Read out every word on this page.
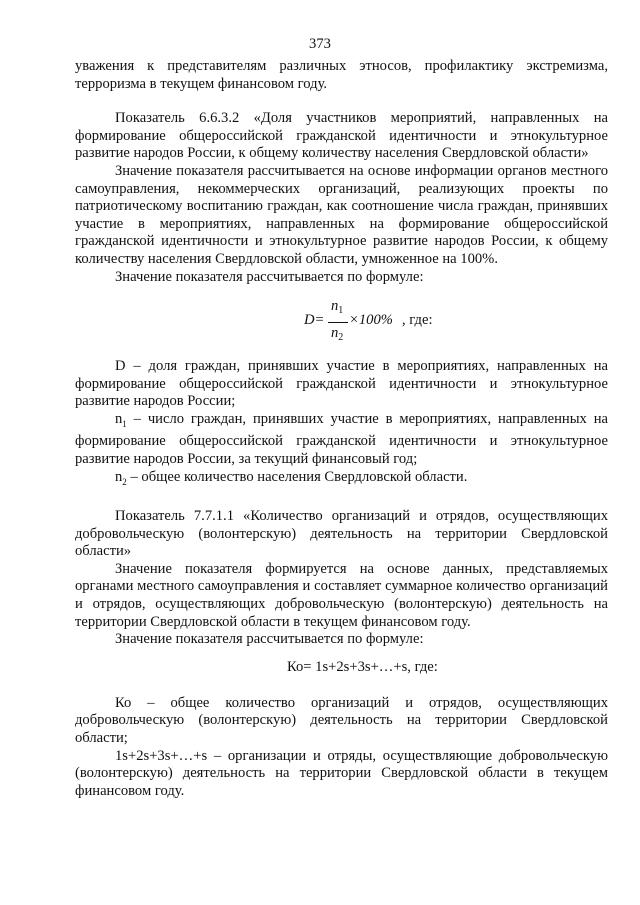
373

уважения к представителям различных этносов, профилактику экстремизма, терроризма в текущем финансовом году.

Показатель 6.6.3.2 «Доля участников мероприятий, направленных на формирование общероссийской гражданской идентичности и этнокультурное развитие народов России, к общему количеству населения Свердловской области»

Значение показателя рассчитывается на основе информации органов местного самоуправления, некоммерческих организаций, реализующих проекты по патриотическому воспитанию граждан, как соотношение числа граждан, принявших участие в мероприятиях, направленных на формирование общероссийской гражданской идентичности и этнокультурное развитие народов России, к общему количеству населения Свердловской области, умноженное на 100%.

Значение показателя рассчитывается по формуле:

D=
$n_1$
$n_2$
×100% , где:

D – доля граждан, принявших участие в мероприятиях, направленных на формирование общероссийской гражданской идентичности и этнокультурное развитие народов России;

$n_1$ – число граждан, принявших участие в мероприятиях, направленных на формирование общероссийской гражданской идентичности и этнокультурное развитие народов России, за текущий финансовый год;

$n_2$ – общее количество населения Свердловской области.

Показатель 7.7.1.1 «Количество организаций и отрядов, осуществляющих добровольческую (волонтерскую) деятельность на территории Свердловской области»

Значение показателя формируется на основе данных, представляемых органами местного самоуправления и составляет суммарное количество организаций и отрядов, осуществляющих добровольческую (волонтерскую) деятельность на территории Свердловской области в текущем финансовом году.

Значение показателя рассчитывается по формуле:

Ко= 1s+2s+3s+…+s, где:

Ко – общее количество организаций и отрядов, осуществляющих добровольческую (волонтерскую) деятельность на территории Свердловской области;

1s+2s+3s+…+s – организации и отряды, осуществляющие добровольческую (волонтерскую) деятельность на территории Свердловской области в текущем финансовом году.
